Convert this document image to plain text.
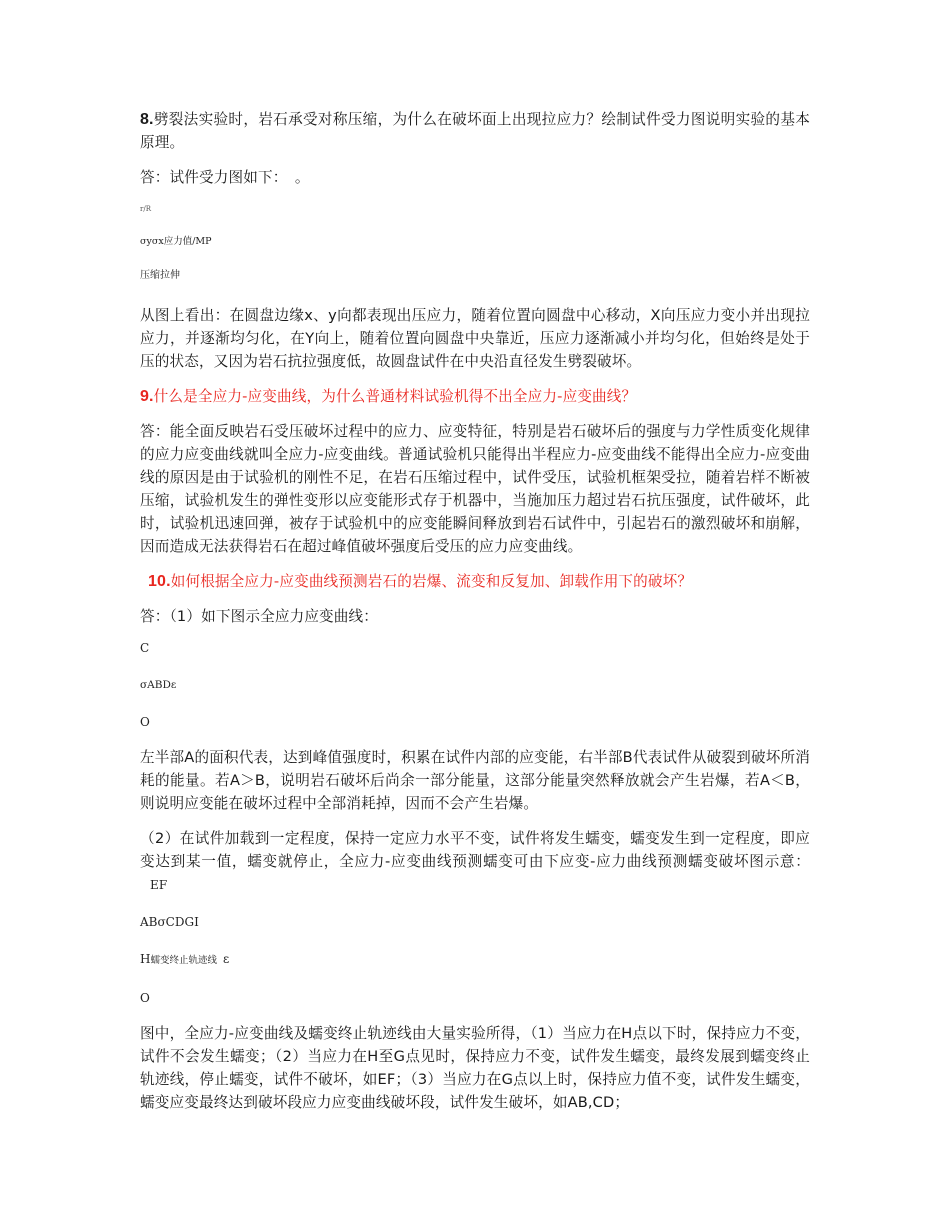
8.劈裂法实验时，岩石承受对称压缩，为什么在破坏面上出现拉应力？绘制试件受力图说明实验的基本原理。

答：试件受力图如下：　。

r/R
σyσx应力值/MP
压缩拉伸

从图上看出：在圆盘边缘x、y向都表现出压应力，随着位置向圆盘中心移动，X向压应力变小并出现拉应力，并逐渐均匀化，在Y向上，随着位置向圆盘中央靠近，压应力逐渐减小并均匀化，但始终是处于压的状态，又因为岩石抗拉强度低，故圆盘试件在中央沿直径发生劈裂破坏。

9.什么是全应力-应变曲线，为什么普通材料试验机得不出全应力-应变曲线？

答：能全面反映岩石受压破坏过程中的应力、应变特征，特别是岩石破坏后的强度与力学性质变化规律的应力应变曲线就叫全应力-应变曲线。普通试验机只能得出半程应力-应变曲线不能得出全应力-应变曲线的原因是由于试验机的刚性不足，在岩石压缩过程中，试件受压，试验机框架受拉，随着岩样不断被压缩，试验机发生的弹性变形以应变能形式存于机器中，当施加压力超过岩石抗压强度，试件破坏，此时，试验机迅速回弹，被存于试验机中的应变能瞬间释放到岩石试件中，引起岩石的激烈破坏和崩解，因而造成无法获得岩石在超过峰值破坏强度后受压的应力应变曲线。

10.如何根据全应力-应变曲线预测岩石的岩爆、流变和反复加、卸载作用下的破坏？

答：（1）如下图示全应力应变曲线：

C
σABDε
O

左半部A的面积代表，达到峰值强度时，积累在试件内部的应变能，右半部B代表试件从破裂到破坏所消耗的能量。若A＞B，说明岩石破坏后尚余一部分能量，这部分能量突然释放就会产生岩爆，若A＜B，则说明应变能在破坏过程中全部消耗掉，因而不会产生岩爆。

（2）在试件加载到一定程度，保持一定应力水平不变，试件将发生蠕变，蠕变发生到一定程度，即应变达到某一值，蠕变就停止，全应力-应变曲线预测蠕变可由下应变-应力曲线预测蠕变破坏图示意：EF

ABσCDGI
H蠕变终止轨迹线 ε
O

图中，全应力-应变曲线及蠕变终止轨迹线由大量实验所得，（1）当应力在H点以下时，保持应力不变，试件不会发生蠕变；（2）当应力在H至G点见时，保持应力不变，试件发生蠕变，最终发展到蠕变终止轨迹线，停止蠕变，试件不破坏，如EF；（3）当应力在G点以上时，保持应力值不变，试件发生蠕变，蠕变应变最终达到破坏段应力应变曲线破坏段，试件发生破坏，如AB,CD；
